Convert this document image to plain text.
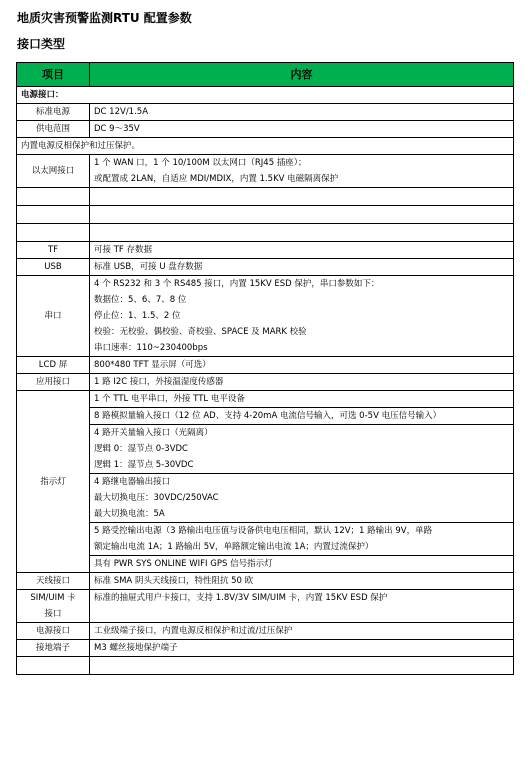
地质灾害预警监测RTU 配置参数
接口类型
项目	内容
电源接口：	
标准电源	DC 12V/1.5A
供电范围	DC 9～35V
内置电源反相保护和过压保护。	
以太网接口	1 个 WAN 口，1 个 10/100M 以太网口（RJ45 插座）；
或配置成 2LAN，自适应 MDI/MDIX，内置 1.5KV 电磁隔离保护

TF	可接 TF 存数据
USB	标准 USB，可接 U 盘存数据
串口	4 个 RS232 和 3 个 RS485 接口，内置 15KV ESD 保护，串口参数如下：
数据位：5、6、7、8 位
停止位：1、1.5、2 位
校验：无校验、偶校验、奇校验、SPACE 及 MARK 校验
串口速率：110~230400bps

LCD 屏	800*480 TFT 显示屏（可选）
应用接口	1 路 I2C 接口，外接温湿度传感器
指示灯	1 个 TTL 电平串口，外接 TTL 电平设备
	8 路模拟量输入接口（12 位 AD、支持 4-20mA 电流信号输入，可选 0-5V 电压信号输入）

	4 路开关量输入接口（光隔离）
逻辑 0：湿节点 0-3VDC
逻辑 1：湿节点 5-30VDC

	4 路继电器输出接口
最大切换电压：30VDC/250VAC
最大切换电流：5A

	5 路受控输出电源（3 路输出电压值与设备供电电压相同，默认 12V；1 路输出 9V，单路
额定输出电流 1A；1 路输出 5V，单路额定输出电流 1A；内置过流保护）

	具有 PWR SYS ONLINE WIFI GPS 信号指示灯
天线接口	标准 SMA 阴头天线接口，特性阻抗 50 欧

SIM/UIM 卡
接口	标准的抽屉式用户卡接口，支持 1.8V/3V SIM/UIM 卡，内置 15KV ESD 保护
电源接口	工业级端子接口，内置电源反相保护和过流/过压保护
接地端子	M3 螺丝接地保护端子
